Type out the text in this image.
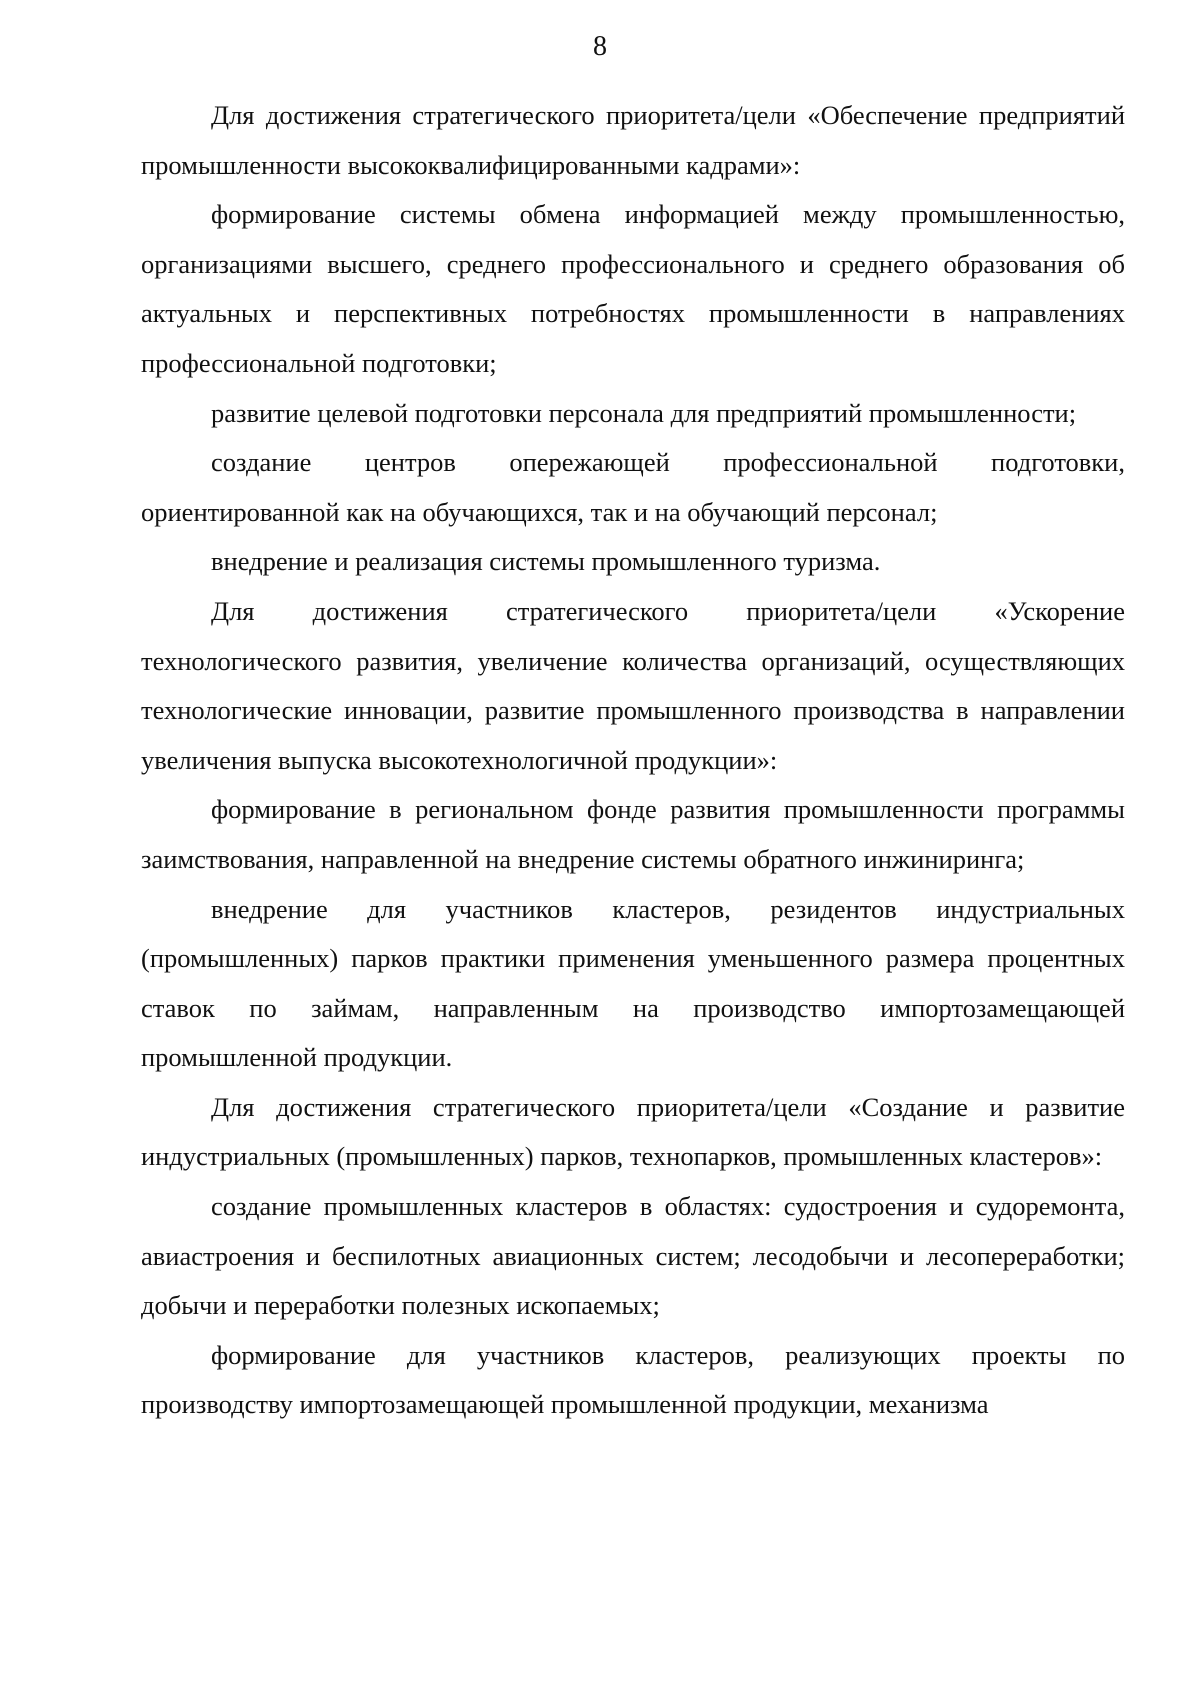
8

Для достижения стратегического приоритета/цели «Обеспечение предприятий промышленности высококвалифицированными кадрами»:

формирование системы обмена информацией между промышленностью, организациями высшего, среднего профессионального и среднего образования об актуальных и перспективных потребностях промышленности в направлениях профессиональной подготовки;

развитие целевой подготовки персонала для предприятий промышленности;

создание центров опережающей профессиональной подготовки, ориентированной как на обучающихся, так и на обучающий персонал;

внедрение и реализация системы промышленного туризма.

Для достижения стратегического приоритета/цели «Ускорение технологического развития, увеличение количества организаций, осуществляющих технологические инновации, развитие промышленного производства в направлении увеличения выпуска высокотехнологичной продукции»:

формирование в региональном фонде развития промышленности программы заимствования, направленной на внедрение системы обратного инжиниринга;

внедрение для участников кластеров, резидентов индустриальных (промышленных) парков практики применения уменьшенного размера процентных ставок по займам, направленным на производство импортозамещающей промышленной продукции.

Для достижения стратегического приоритета/цели «Создание и развитие индустриальных (промышленных) парков, технопарков, промышленных кластеров»:

создание промышленных кластеров в областях: судостроения и судоремонта, авиастроения и беспилотных авиационных систем; лесодобычи и лесопереработки; добычи и переработки полезных ископаемых;

формирование для участников кластеров, реализующих проекты по производству импортозамещающей промышленной продукции, механизма
